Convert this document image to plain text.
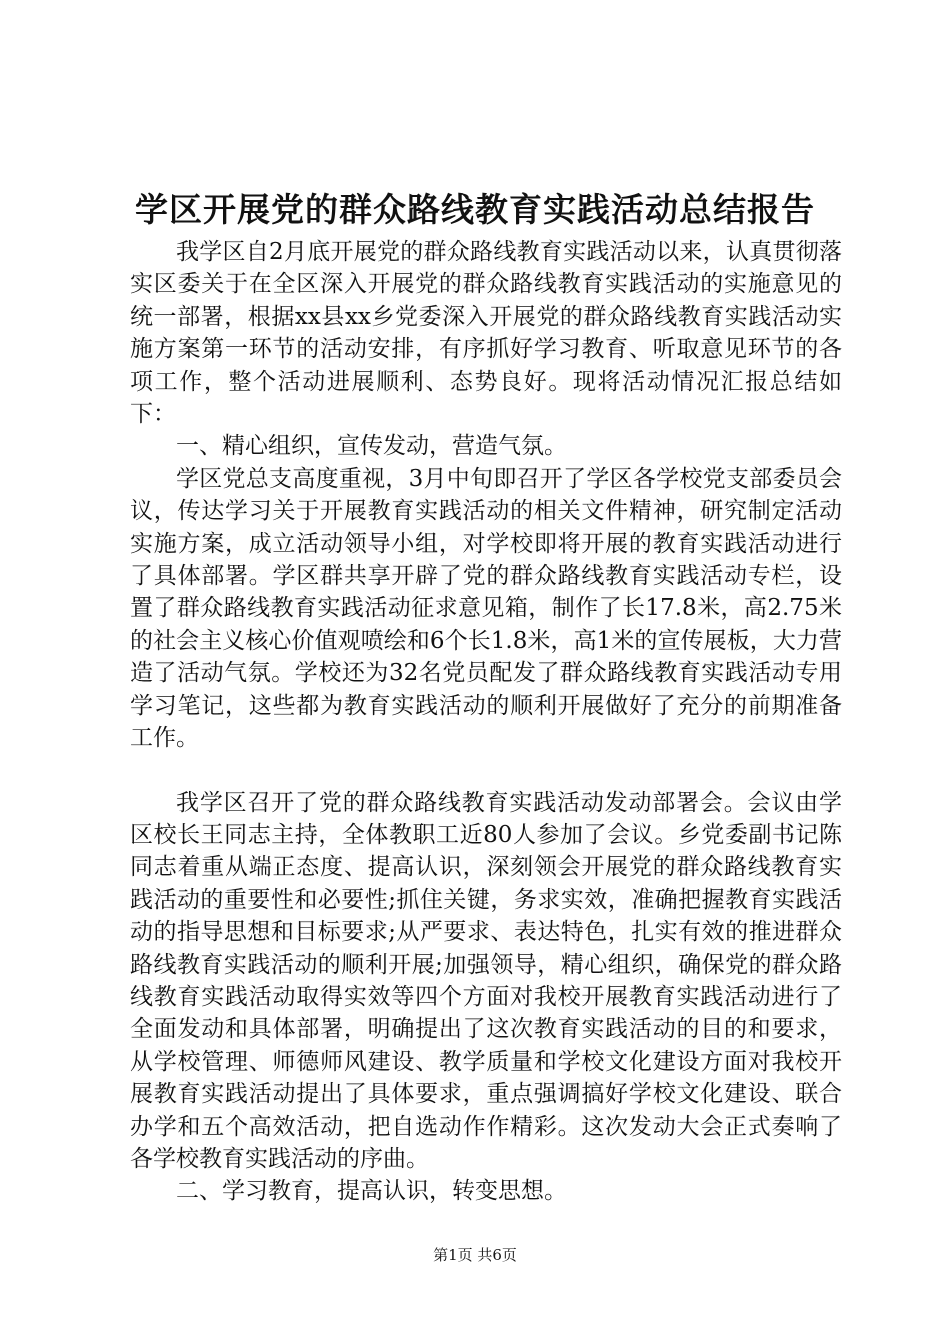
学区开展党的群众路线教育实践活动总结报告

我学区自2月底开展党的群众路线教育实践活动以来，认真贯彻落实区委关于在全区深入开展党的群众路线教育实践活动的实施意见的统一部署，根据xx县xx乡党委深入开展党的群众路线教育实践活动实施方案第一环节的活动安排，有序抓好学习教育、听取意见环节的各项工作，整个活动进展顺利、态势良好。现将活动情况汇报总结如下：

一、精心组织，宣传发动，营造气氛。

学区党总支高度重视，3月中旬即召开了学区各学校党支部委员会议，传达学习关于开展教育实践活动的相关文件精神，研究制定活动实施方案，成立活动领导小组，对学校即将开展的教育实践活动进行了具体部署。学区群共享开辟了党的群众路线教育实践活动专栏，设置了群众路线教育实践活动征求意见箱，制作了长17.8米，高2.75米的社会主义核心价值观喷绘和6个长1.8米，高1米的宣传展板，大力营造了活动气氛。学校还为32名党员配发了群众路线教育实践活动专用学习笔记，这些都为教育实践活动的顺利开展做好了充分的前期准备工作。

我学区召开了党的群众路线教育实践活动发动部署会。会议由学区校长王同志主持，全体教职工近80人参加了会议。乡党委副书记陈同志着重从端正态度、提高认识，深刻领会开展党的群众路线教育实践活动的重要性和必要性;抓住关键，务求实效，准确把握教育实践活动的指导思想和目标要求;从严要求、表达特色，扎实有效的推进群众路线教育实践活动的顺利开展;加强领导，精心组织，确保党的群众路线教育实践活动取得实效等四个方面对我校开展教育实践活动进行了全面发动和具体部署，明确提出了这次教育实践活动的目的和要求，从学校管理、师德师风建设、教学质量和学校文化建设方面对我校开展教育实践活动提出了具体要求，重点强调搞好学校文化建设、联合办学和五个高效活动，把自选动作作精彩。这次发动大会正式奏响了各学校教育实践活动的序曲。

二、学习教育，提高认识，转变思想。

第1页 共6页
